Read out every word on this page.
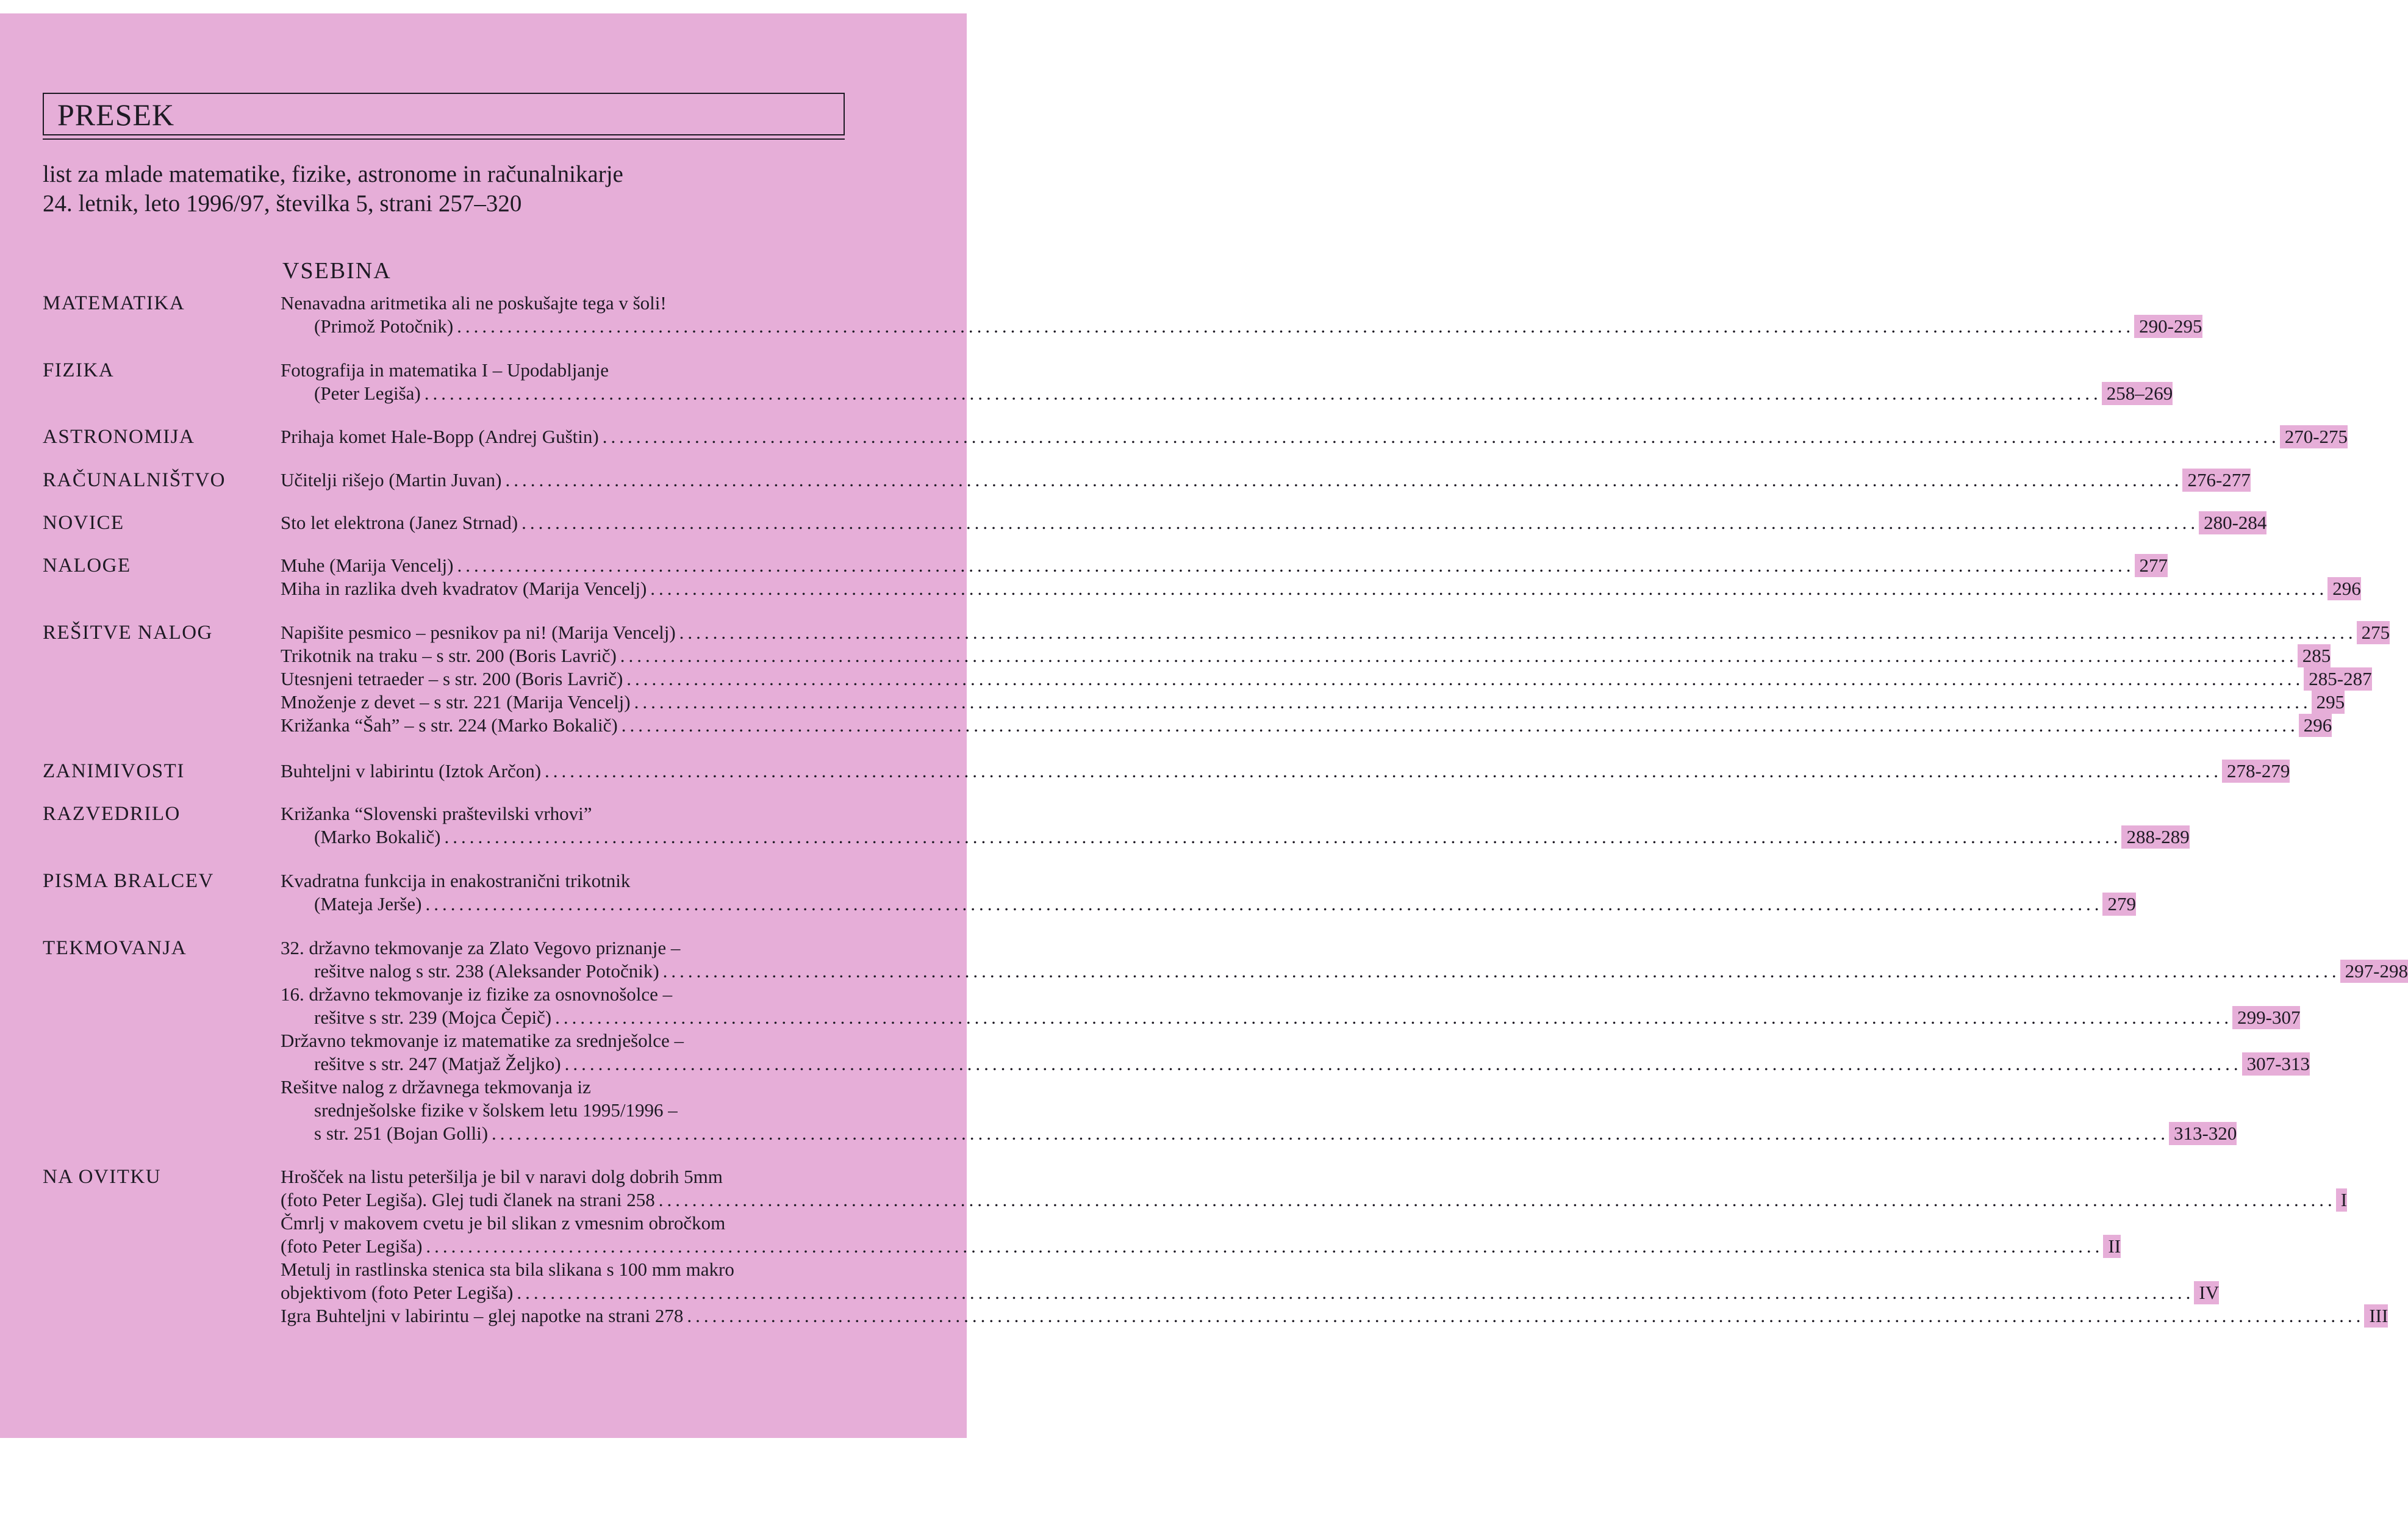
PRESEK
list za mlade matematike, fizike, astronome in računalnikarje
24. letnik, leto 1996/97, številka 5, strani 257–320
VSEBINA
MATEMATIKA	Nenavadna aritmetika ali ne poskušajte tega v šoli!
(Primož Potočnik) ........................................................................................................................................................................................................ 290-295
FIZIKA	Fotografija in matematika I – Upodabljanje
(Peter Legiša) ........................................................................................................................................................................................................ 258–269
ASTRONOMIJA	Prihaja komet Hale-Bopp (Andrej Guštin) ........................................................................................................................................................................................................ 270-275
RAČUNALNIŠTVO	Učitelji rišejo (Martin Juvan) ........................................................................................................................................................................................................ 276-277
NOVICE	Sto let elektrona (Janez Strnad) ........................................................................................................................................................................................................ 280-284
NALOGE	Muhe (Marija Vencelj) ........................................................................................................................................................................................................ 277
Miha in razlika dveh kvadratov (Marija Vencelj) ........................................................................................................................................................................................................ 296
REŠITVE NALOG	Napišite pesmico – pesnikov pa ni! (Marija Vencelj) ........................................................................................................................................................................................................ 275
Trikotnik na traku – s str. 200 (Boris Lavrič) ........................................................................................................................................................................................................ 285
Utesnjeni tetraeder – s str. 200 (Boris Lavrič) ........................................................................................................................................................................................................ 285-287
Množenje z devet – s str. 221 (Marija Vencelj) ........................................................................................................................................................................................................ 295
Križanka “Šah” – s str. 224 (Marko Bokalič) ........................................................................................................................................................................................................ 296
ZANIMIVOSTI	Buhteljni v labirintu (Iztok Arčon) ........................................................................................................................................................................................................ 278-279
RAZVEDRILO	Križanka “Slovenski praštevilski vrhovi”
(Marko Bokalič) ........................................................................................................................................................................................................ 288-289
PISMA BRALCEV	Kvadratna funkcija in enakostranični trikotnik
(Mateja Jerše) ........................................................................................................................................................................................................ 279
TEKMOVANJA	32. državno tekmovanje za Zlato Vegovo priznanje –
rešitve nalog s str. 238 (Aleksander Potočnik) ........................................................................................................................................................................................................ 297-298
16. državno tekmovanje iz fizike za osnovnošolce –
rešitve s str. 239 (Mojca Čepič) ........................................................................................................................................................................................................ 299-307
Državno tekmovanje iz matematike za srednješolce –
rešitve s str. 247 (Matjaž Željko) ........................................................................................................................................................................................................ 307-313
Rešitve nalog z državnega tekmovanja iz
srednješolske fizike v šolskem letu 1995/1996 –
s str. 251 (Bojan Golli) ........................................................................................................................................................................................................ 313-320
NA OVITKU	Hrošček na listu peteršilja je bil v naravi dolg dobrih 5mm
(foto Peter Legiša). Glej tudi članek na strani 258 ........................................................................................................................................................................................................ I
Čmrlj v makovem cvetu je bil slikan z vmesnim obročkom
(foto Peter Legiša) ........................................................................................................................................................................................................ II
Metulj in rastlinska stenica sta bila slikana s 100 mm makro
objektivom (foto Peter Legiša) ........................................................................................................................................................................................................ IV
Igra Buhteljni v labirintu – glej napotke na strani 278 ........................................................................................................................................................................................................ III
